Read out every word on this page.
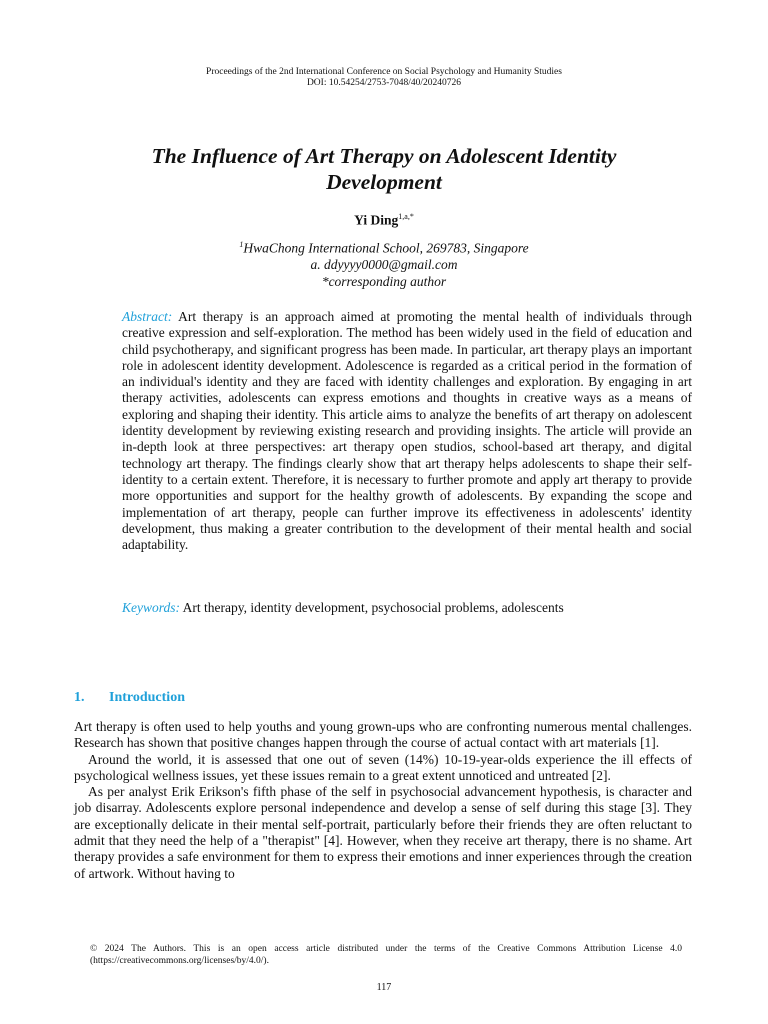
Proceedings of the 2nd International Conference on Social Psychology and Humanity Studies
DOI: 10.54254/2753-7048/40/20240726
The Influence of Art Therapy on Adolescent Identity
Development
Yi Ding$^{1,a,*}$
$^1$HwaChong International School, 269783, Singapore
a. ddyyyy0000@gmail.com
*corresponding author
Abstract: Art therapy is an approach aimed at promoting the mental health of individuals through creative expression and self-exploration. The method has been widely used in the field of education and child psychotherapy, and significant progress has been made. In particular, art therapy plays an important role in adolescent identity development. Adolescence is regarded as a critical period in the formation of an individual's identity and they are faced with identity challenges and exploration. By engaging in art therapy activities, adolescents can express emotions and thoughts in creative ways as a means of exploring and shaping their identity. This article aims to analyze the benefits of art therapy on adolescent identity development by reviewing existing research and providing insights. The article will provide an in-depth look at three perspectives: art therapy open studios, school-based art therapy, and digital technology art therapy. The findings clearly show that art therapy helps adolescents to shape their self-identity to a certain extent. Therefore, it is necessary to further promote and apply art therapy to provide more opportunities and support for the healthy growth of adolescents. By expanding the scope and implementation of art therapy, people can further improve its effectiveness in adolescents' identity development, thus making a greater contribution to the development of their mental health and social adaptability.
Keywords: Art therapy, identity development, psychosocial problems, adolescents
1. Introduction

Art therapy is often used to help youths and young grown-ups who are confronting numerous mental challenges. Research has shown that positive changes happen through the course of actual contact with art materials [1].

Around the world, it is assessed that one out of seven (14%) 10-19-year-olds experience the ill effects of psychological wellness issues, yet these issues remain to a great extent unnoticed and untreated [2].

As per analyst Erik Erikson's fifth phase of the self in psychosocial advancement hypothesis, is character and job disarray. Adolescents explore personal independence and develop a sense of self during this stage [3]. They are exceptionally delicate in their mental self-portrait, particularly before their friends they are often reluctant to admit that they need the help of a "therapist" [4]. However, when they receive art therapy, there is no shame. Art therapy provides a safe environment for them to express their emotions and inner experiences through the creation of artwork. Without having to

© 2024 The Authors. This is an open access article distributed under the terms of the Creative Commons Attribution License 4.0 (https://creativecommons.org/licenses/by/4.0/).
117
